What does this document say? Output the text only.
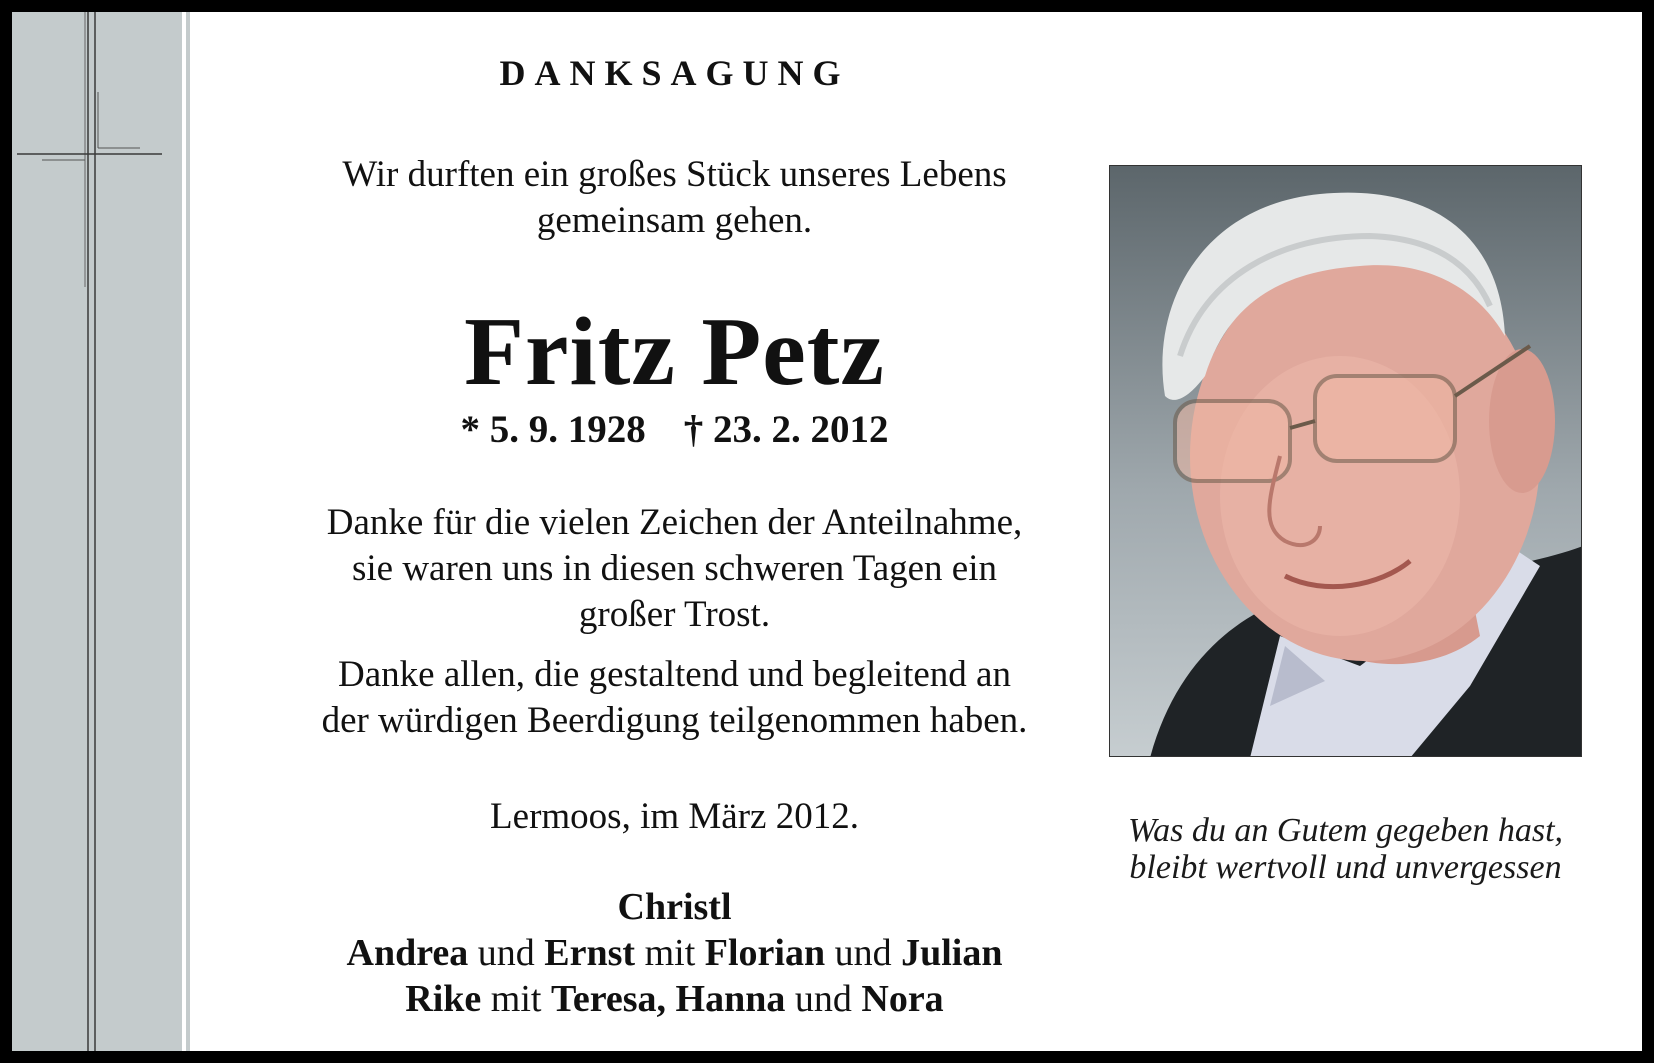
DANKSAGUNG
Wir durften ein großes Stück unseres Lebens
gemeinsam gehen.
Fritz Petz
* 5. 9. 1928 † 23. 2. 2012
Danke für die vielen Zeichen der Anteilnahme,
sie waren uns in diesen schweren Tagen ein
großer Trost.
Danke allen, die gestaltend und begleitend an
der würdigen Beerdigung teilgenommen haben.
Lermoos, im März 2012.
Christl
Andrea und Ernst mit Florian und Julian
Rike mit Teresa, Hanna und Nora
Was du an Gutem gegeben hast,
bleibt wertvoll und unvergessen
